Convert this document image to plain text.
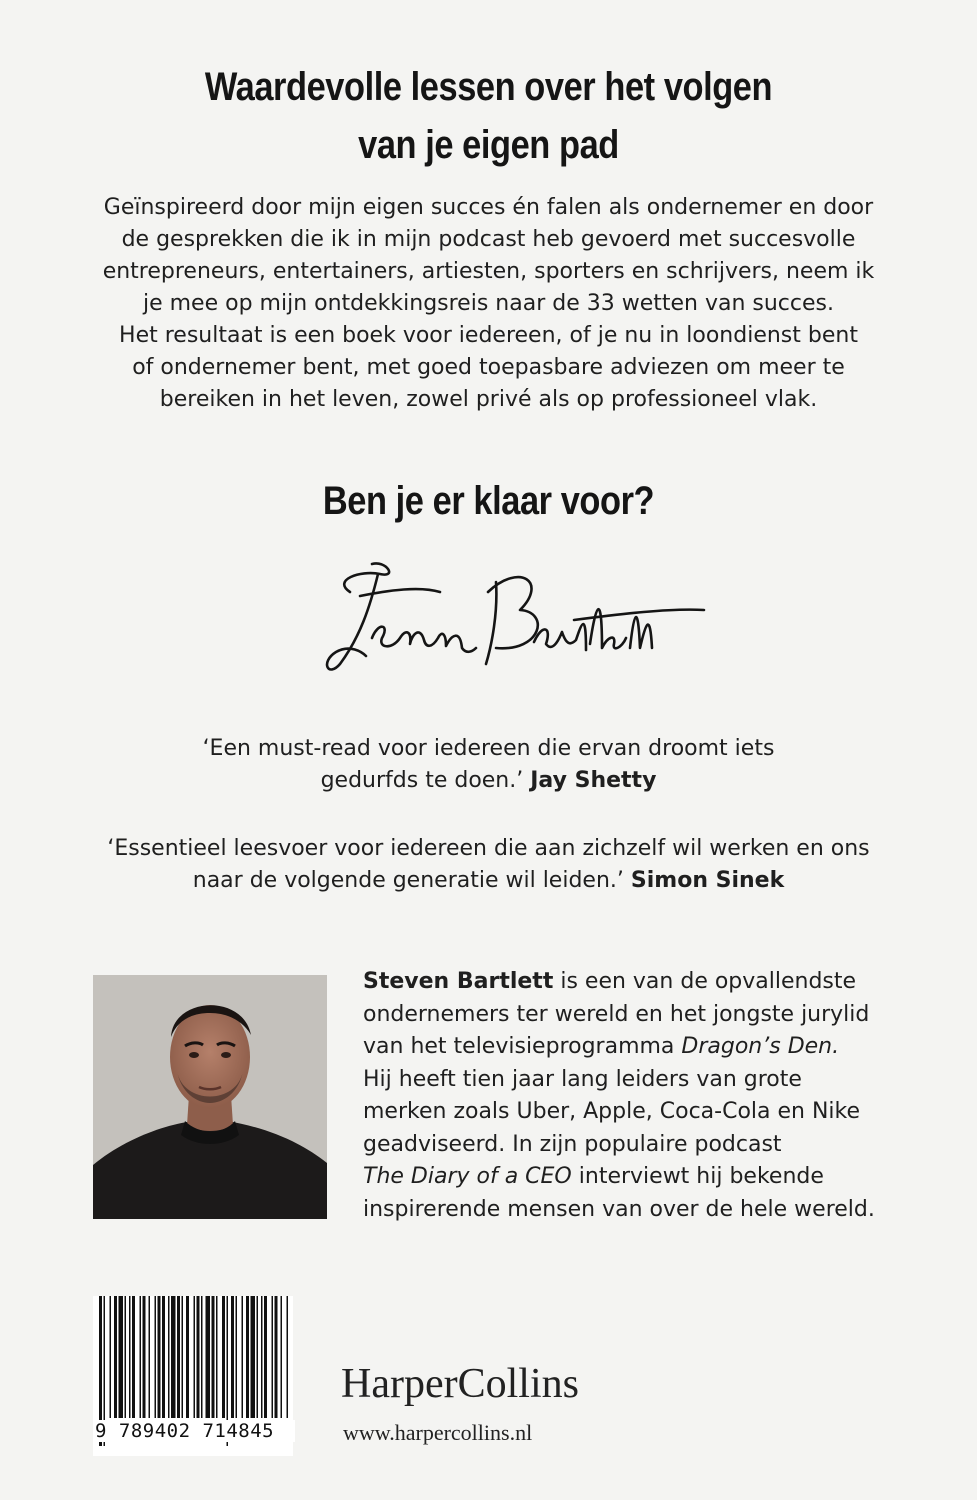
Waardevolle lessen over het volgen
van je eigen pad
Geïnspireerd door mijn eigen succes én falen als ondernemer en door
de gesprekken die ik in mijn podcast heb gevoerd met succesvolle
entrepreneurs, entertainers, artiesten, sporters en schrijvers, neem ik
je mee op mijn ontdekkingsreis naar de 33 wetten van succes.
Het resultaat is een boek voor iedereen, of je nu in loondienst bent
of ondernemer bent, met goed toepasbare adviezen om meer te
bereiken in het leven, zowel privé als op professioneel vlak.
Ben je er klaar voor?
‘Een must-read voor iedereen die ervan droomt iets
gedurfds te doen.’ Jay Shetty
‘Essentieel leesvoer voor iedereen die aan zichzelf wil werken en ons
naar de volgende generatie wil leiden.’ Simon Sinek
Steven Bartlett is een van de opvallendste
ondernemers ter wereld en het jongste jurylid
van het televisieprogramma Dragon’s Den.
Hij heeft tien jaar lang leiders van grote
merken zoals Uber, Apple, Coca-Cola en Nike
geadviseerd. In zijn populaire podcast
The Diary of a CEO interviewt hij bekende
inspirerende mensen van over de hele wereld.
9 789402 714845
HarperCollins
www.harpercollins.nl
